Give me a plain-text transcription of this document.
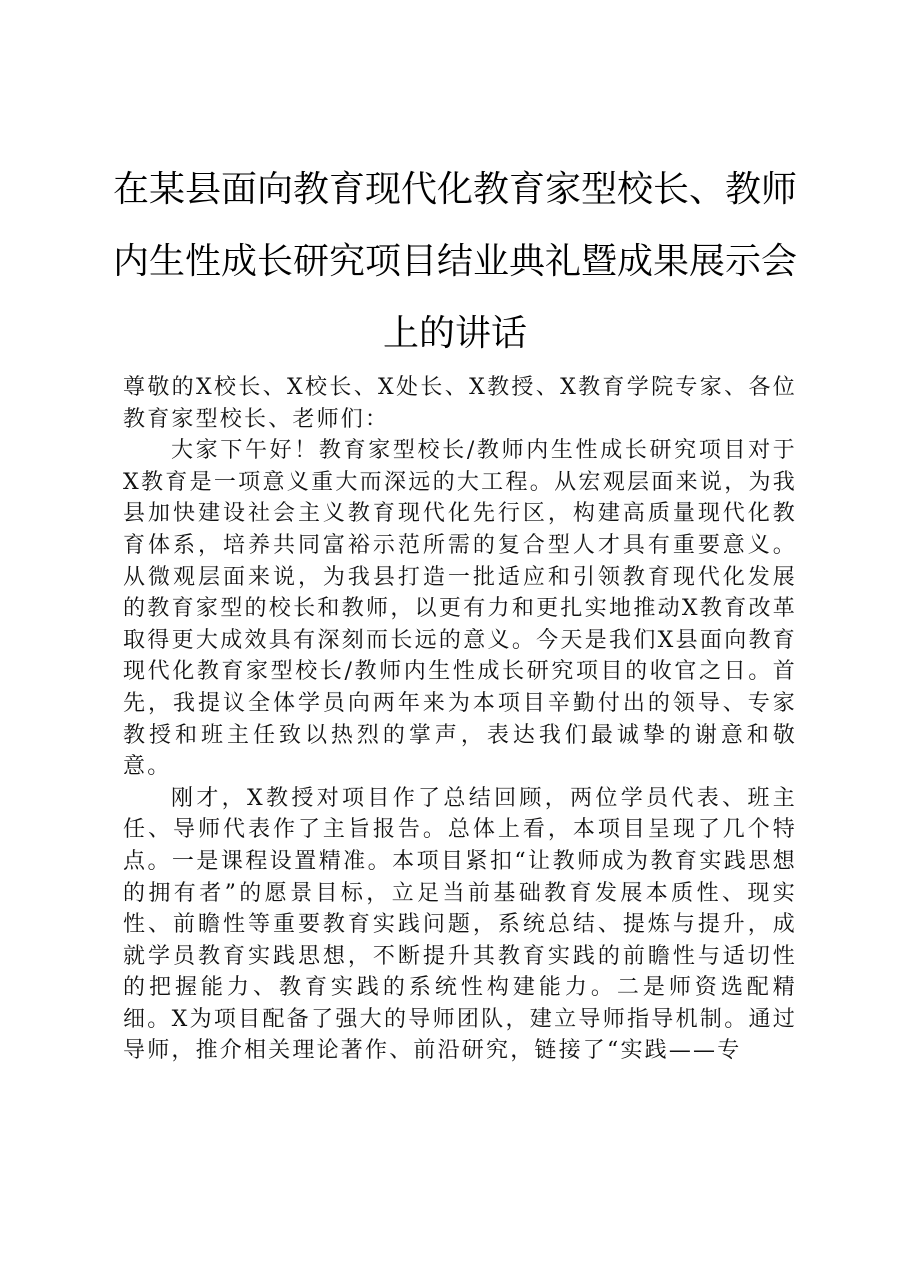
在某县面向教育现代化教育家型校长、教师内生性成长研究项目结业典礼暨成果展示会上的讲话

尊敬的X校长、X校长、X处长、X教授、X教育学院专家、各位教育家型校长、老师们：

大家下午好！教育家型校长/教师内生性成长研究项目对于X教育是一项意义重大而深远的大工程。从宏观层面来说，为我县加快建设社会主义教育现代化先行区，构建高质量现代化教育体系，培养共同富裕示范所需的复合型人才具有重要意义。从微观层面来说，为我县打造一批适应和引领教育现代化发展的教育家型的校长和教师，以更有力和更扎实地推动X教育改革取得更大成效具有深刻而长远的意义。今天是我们X县面向教育现代化教育家型校长/教师内生性成长研究项目的收官之日。首先，我提议全体学员向两年来为本项目辛勤付出的领导、专家教授和班主任致以热烈的掌声，表达我们最诚挚的谢意和敬意。

刚才，X教授对项目作了总结回顾，两位学员代表、班主任、导师代表作了主旨报告。总体上看，本项目呈现了几个特点。一是课程设置精准。本项目紧扣“让教师成为教育实践思想的拥有者”的愿景目标，立足当前基础教育发展本质性、现实性、前瞻性等重要教育实践问题，系统总结、提炼与提升，成就学员教育实践思想，不断提升其教育实践的前瞻性与适切性的把握能力、教育实践的系统性构建能力。二是师资选配精细。X为项目配备了强大的导师团队，建立导师指导机制。通过导师，推介相关理论著作、前沿研究，链接了“实践——专
